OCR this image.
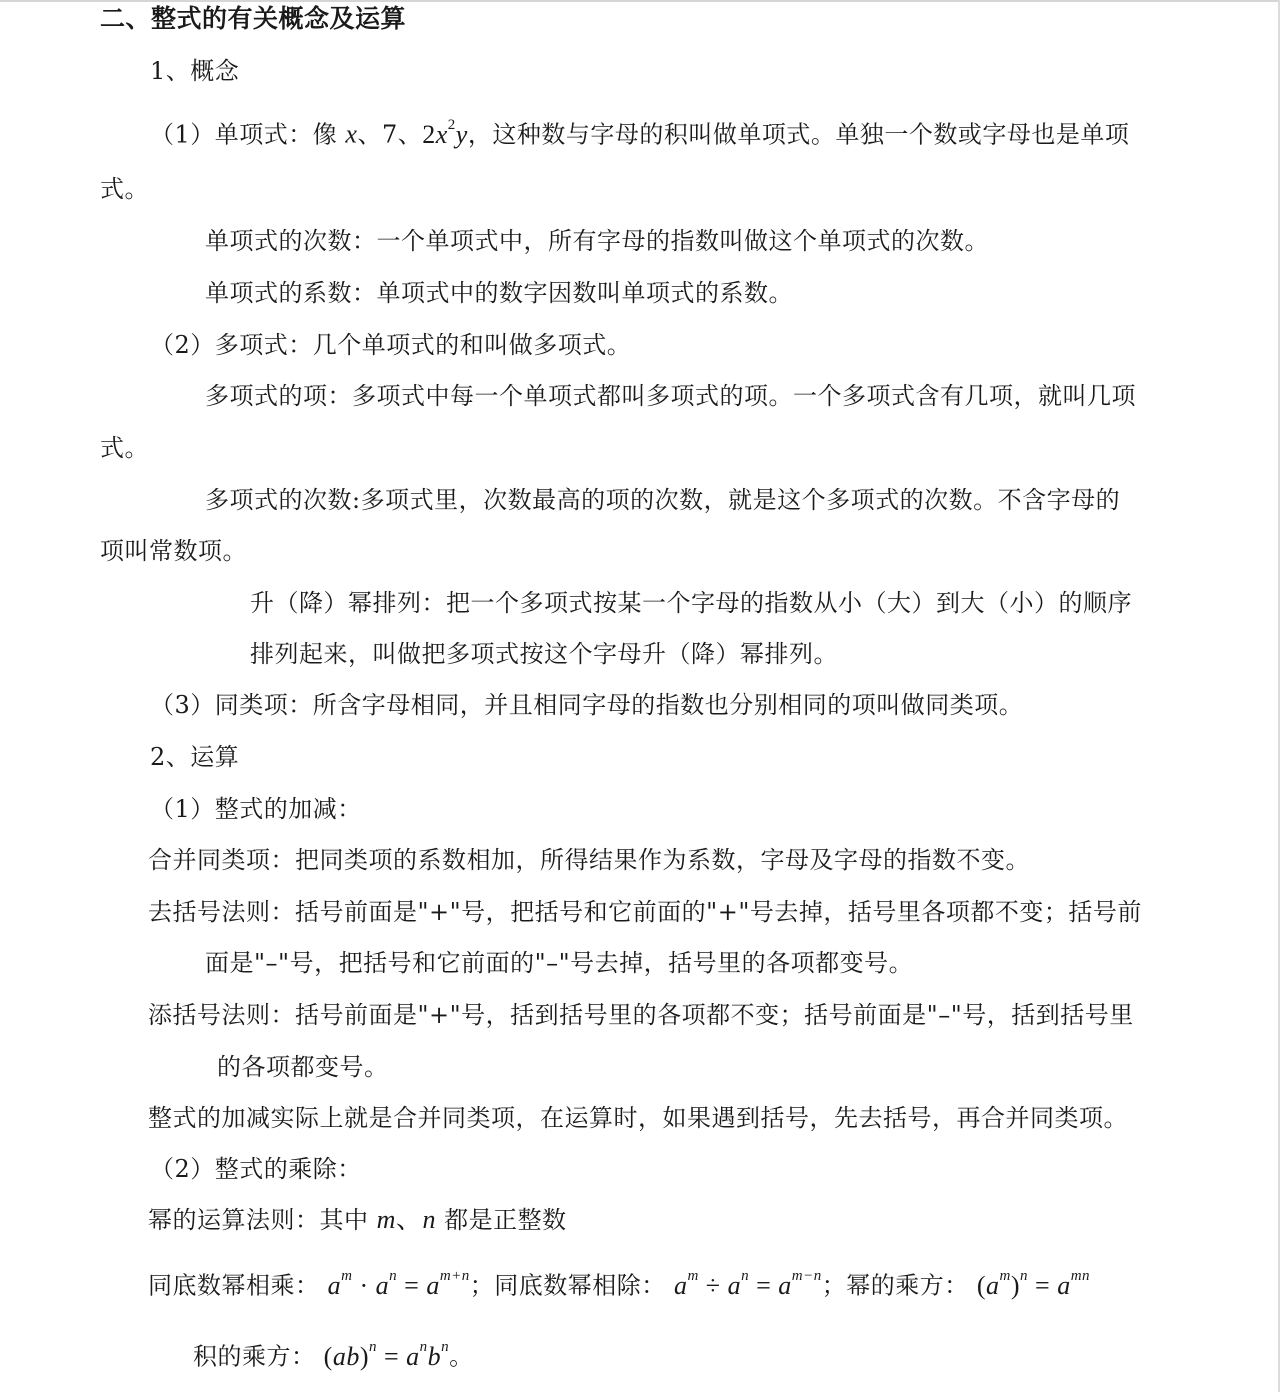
二、整式的有关概念及运算
1、概念
（1）单项式：像 x、7、$2x^2y$，这种数与字母的积叫做单项式。单独一个数或字母也是单项
式。
单项式的次数：一个单项式中，所有字母的指数叫做这个单项式的次数。
单项式的系数：单项式中的数字因数叫单项式的系数。
（2）多项式：几个单项式的和叫做多项式。
多项式的项：多项式中每一个单项式都叫多项式的项。一个多项式含有几项，就叫几项
式。
多项式的次数:多项式里，次数最高的项的次数，就是这个多项式的次数。不含字母的
项叫常数项。
升（降）幂排列：把一个多项式按某一个字母的指数从小（大）到大（小）的顺序
排列起来，叫做把多项式按这个字母升（降）幂排列。
（3）同类项：所含字母相同，并且相同字母的指数也分别相同的项叫做同类项。
2、运算
（1）整式的加减：
合并同类项：把同类项的系数相加，所得结果作为系数，字母及字母的指数不变。
去括号法则：括号前面是"+"号，把括号和它前面的"+"号去掉，括号里各项都不变；括号前
面是"–"号，把括号和它前面的"–"号去掉，括号里的各项都变号。
添括号法则：括号前面是"+"号，括到括号里的各项都不变；括号前面是"–"号，括到括号里
的各项都变号。
整式的加减实际上就是合并同类项，在运算时，如果遇到括号，先去括号，再合并同类项。
（2）整式的乘除：
幂的运算法则：其中 m、n 都是正整数
同底数幂相乘： $a^m \cdot a^n = a^{m+n}$；同底数幂相除： $a^m \div a^n = a^{m-n}$；幂的乘方： $(a^m)^n = a^{mn}$
积的乘方： $(ab)^n = a^nb^n$。
